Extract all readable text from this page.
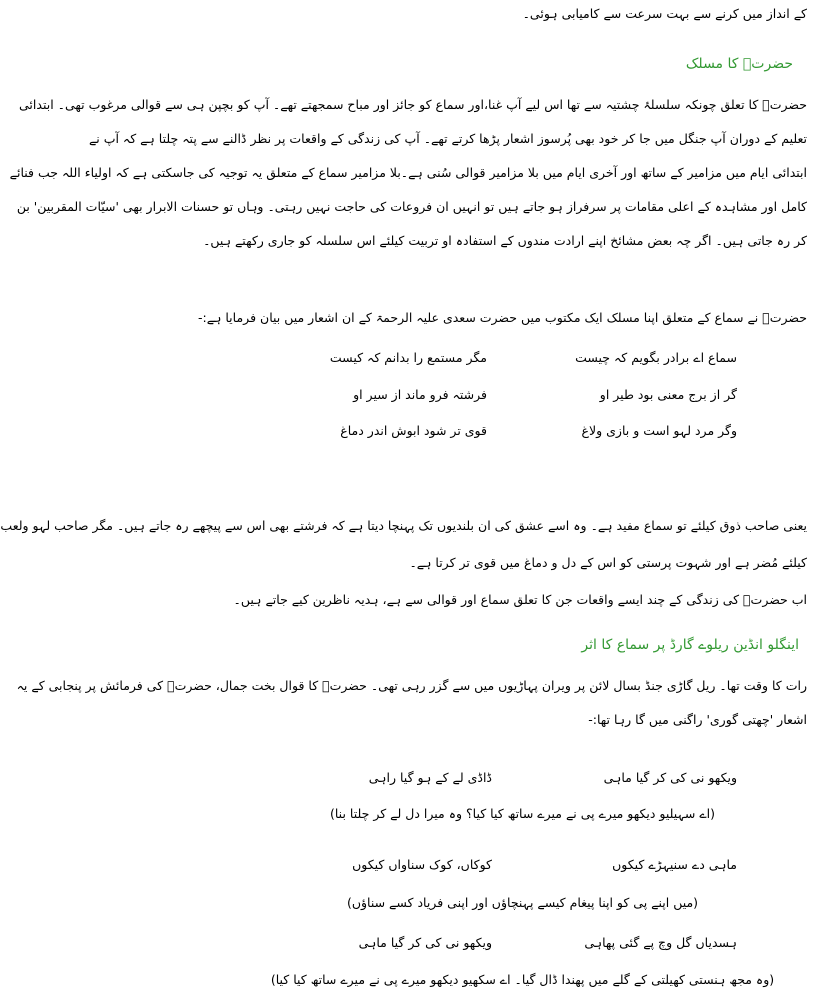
کے انداز میں کرنے سے بہت سرعت سے کامیابی ہوئی۔
حضرتؒ کا مسلک
حضرتؒ کا تعلق چونکہ سلسلۂ چشتیہ سے تھا اس لیے آپ غنا،اور سماع کو جائز اور مباح سمجھتے تھے۔ آپ کو بچپن ہی سے قوالی مرغوب تھی۔ ابتدائی
تعلیم کے دوران آپ جنگل میں جا کر خود بھی پُرسوز اشعار پڑھا کرتے تھے۔ آپ کی زندگی کے واقعات پر نظر ڈالنے سے پتہ چلتا ہے کہ آپ نے
ابتدائی ایام میں مزامیر کے ساتھ اور آخری ایام میں بلا مزامیر قوالی سُنی ہے۔بلا مزامیر سماع کے متعلق یہ توجیہ کی جاسکتی ہے کہ اولیاء اللہ جب فنائے
کامل اور مشاہدہ کے اعلی مقامات پر سرفراز ہو جاتے ہیں تو انہیں ان فروعات کی حاجت نہیں رہتی۔ وہاں تو حسنات الابرار بھی 'سیّات المقربین' بن
کر رہ جاتی ہیں۔ اگر چہ بعض مشائخ اپنے ارادت مندوں کے استفادہ او تربیت کیلئے اس سلسلہ کو جاری رکھتے ہیں۔
حضرتؒ نے سماع کے متعلق اپنا مسلک ایک مکتوب میں حضرت سعدی علیہ الرحمۃ کے ان اشعار میں بیان فرمایا ہے:-
سماع اے برادر بگویم کہ چیست
مگر مستمع را بدانم کہ کیست
گر از برج معنی بود طیر او
فرشتہ فرو ماند از سیر او
وگر مرد لہو است و بازی ولاغ
قوی تر شود ابوش اندر دماغ
یعنی صاحب ذوق کیلئے تو سماع مفید ہے۔ وہ اسے عشق کی ان بلندیوں تک پہنچا دیتا ہے کہ فرشتے بھی اس سے پیچھے رہ جاتے ہیں۔ مگر صاحب لہو ولعب
کیلئے مُضر ہے اور شہوت پرستی کو اس کے دل و دماغ میں قوی تر کرتا ہے۔
اب حضرتؒ کی زندگی کے چند ایسے واقعات جن کا تعلق سماع اور قوالی سے ہے، ہدیہ ناظرین کیے جاتے ہیں۔
اینگلو انڈین ریلوے گارڈ پر سماع کا اثر
رات کا وقت تھا۔ ریل گاڑی جنڈ بسال لائن پر ویران پہاڑیوں میں سے گزر رہی تھی۔ حضرتؒ کا قوال بخت جمال، حضرتؒ کی فرمائش پر پنجابی کے یہ
اشعار 'چھتی گوری' راگنی میں گا رہا تھا:-
ویکھو نی کی کر گیا ماہی
ڈاڈی لے کے ہو گیا راہی
(اے سہیلیو دیکھو میرے پی نے میرے ساتھ کیا کیا؟ وہ میرا دل لے کر چلتا بنا)
ماہی دے سنیہڑے کیکوں
کوکاں، کوک سناواں کیکوں
(میں اپنے پی کو اپنا پیغام کیسے پہنچاؤں اور اپنی فریاد کسے سناؤں)
ہسدیاں گل وچ پے گئی پھاہی
ویکھو نی کی کر گیا ماہی
(وہ مجھ ہنستی کھیلتی کے گلے میں پھندا ڈال گیا۔ اے سکھیو دیکھو میرے پی نے میرے ساتھ کیا کیا)
